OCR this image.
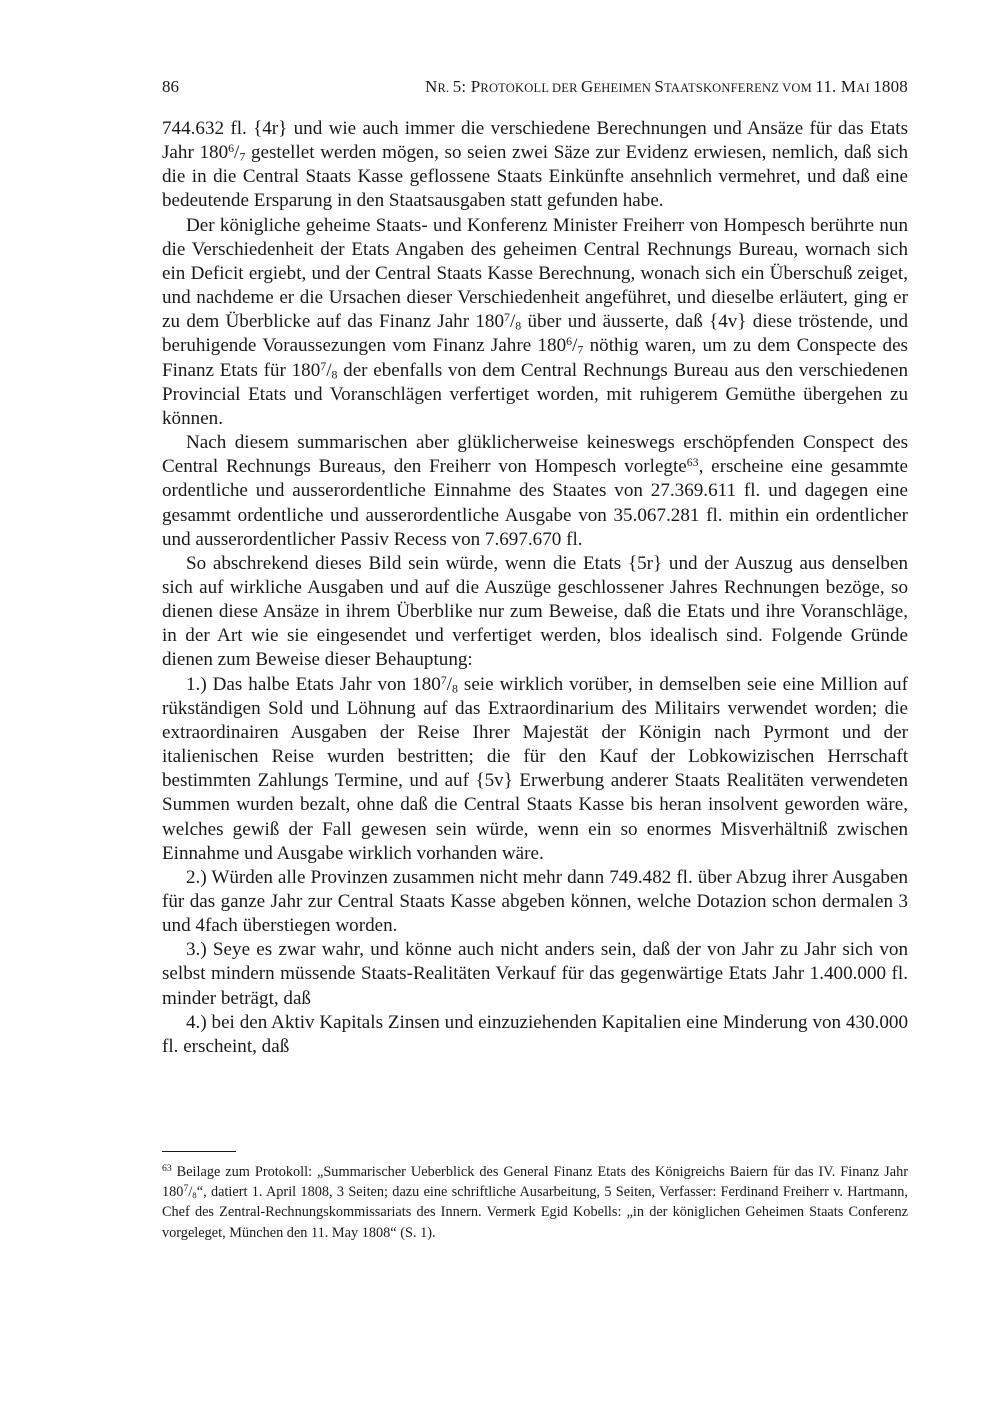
86	NR. 5: PROTOKOLL DER GEHEIMEN STAATSKONFERENZ VOM 11. MAI 1808

744.632 fl. {4r} und wie auch immer die verschiedene Berechnungen und Ansäze für das Etats Jahr $180^6/_7$ gestellet werden mögen, so seien zwei Säze zur Evidenz erwiesen, nemlich, daß sich die in die Central Staats Kasse geflossene Staats Einkünfte ansehnlich vermehret, und daß eine bedeutende Ersparung in den Staatsausgaben statt gefunden habe.

Der königliche geheime Staats- und Konferenz Minister Freiherr von Hompesch berührte nun die Verschiedenheit der Etats Angaben des geheimen Central Rechnungs Bureau, wornach sich ein Deficit ergiebt, und der Central Staats Kasse Berechnung, wonach sich ein Überschuß zeiget, und nachdeme er die Ursachen dieser Verschiedenheit angeführet, und dieselbe erläutert, ging er zu dem Überblicke auf das Finanz Jahr $180^7/_8$ über und äusserte, daß {4v} diese tröstende, und beruhigende Voraussezungen vom Finanz Jahre $180^6/_7$ nöthig waren, um zu dem Conspecte des Finanz Etats für $180^7/_8$ der ebenfalls von dem Central Rechnungs Bureau aus den verschiedenen Provincial Etats und Voranschlägen verfertiget worden, mit ruhigerem Gemüthe übergehen zu können.

Nach diesem summarischen aber glüklicherweise keineswegs erschöpfenden Conspect des Central Rechnungs Bureaus, den Freiherr von Hompesch vorlegte$^{63}$, erscheine eine gesammte ordentliche und ausserordentliche Einnahme des Staates von 27.369.611 fl. und dagegen eine gesammt ordentliche und ausserordentliche Ausgabe von 35.067.281 fl. mithin ein ordentlicher und ausserordentlicher Passiv Recess von 7.697.670 fl.

So abschrekend dieses Bild sein würde, wenn die Etats {5r} und der Auszug aus denselben sich auf wirkliche Ausgaben und auf die Auszüge geschlossener Jahres Rechnungen bezöge, so dienen diese Ansäze in ihrem Überblike nur zum Beweise, daß die Etats und ihre Voranschläge, in der Art wie sie eingesendet und verfertiget werden, blos idealisch sind. Folgende Gründe dienen zum Beweise dieser Behauptung:

1.) Das halbe Etats Jahr von $180^7/_8$ seie wirklich vorüber, in demselben seie eine Million auf rükständigen Sold und Löhnung auf das Extraordinarium des Militairs verwendet worden; die extraordinairen Ausgaben der Reise Ihrer Majestät der Königin nach Pyrmont und der italienischen Reise wurden bestritten; die für den Kauf der Lobkowizischen Herrschaft bestimmten Zahlungs Termine, und auf {5v} Erwerbung anderer Staats Realitäten verwendeten Summen wurden bezalt, ohne daß die Central Staats Kasse bis heran insolvent geworden wäre, welches gewiß der Fall gewesen sein würde, wenn ein so enormes Misverhältniß zwischen Einnahme und Ausgabe wirklich vorhanden wäre.

2.) Würden alle Provinzen zusammen nicht mehr dann 749.482 fl. über Abzug ihrer Ausgaben für das ganze Jahr zur Central Staats Kasse abgeben können, welche Dotazion schon dermalen 3 und 4fach überstiegen worden.

3.) Seye es zwar wahr, und könne auch nicht anders sein, daß der von Jahr zu Jahr sich von selbst mindern müssende Staats-Realitäten Verkauf für das gegenwärtige Etats Jahr 1.400.000 fl. minder beträgt, daß

4.) bei den Aktiv Kapitals Zinsen und einzuziehenden Kapitalien eine Minderung von 430.000 fl. erscheint, daß

$^{63}$ Beilage zum Protokoll: „Summarischer Ueberblick des General Finanz Etats des Königreichs Baiern für das IV. Finanz Jahr $180^7/_8“$, datiert 1. April 1808, 3 Seiten; dazu eine schriftliche Ausarbeitung, 5 Seiten, Verfasser: Ferdinand Freiherr v. Hartmann, Chef des Zentral-Rechnungskommissariats des Innern. Vermerk Egid Kobells: „in der königlichen Geheimen Staats Conferenz vorgeleget, München den 11. May 1808“ (S. 1).
